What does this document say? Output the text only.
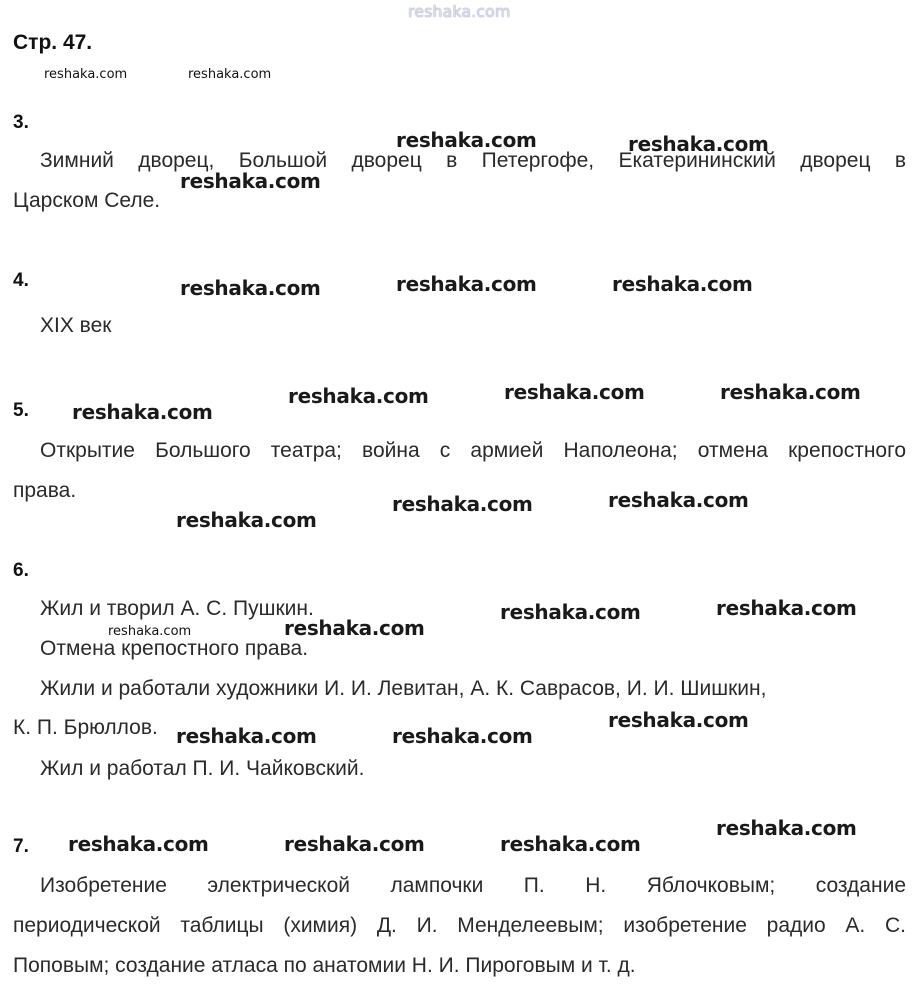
reshaka.com
Стр. 47.
reshaka.com	reshaka.com
3.
Зимний дворец, Большой дворец в Петергофе, Екатерининский дворец в
Царском Селе.
4.
XIX век
5.
Открытие Большого театра; война с армией Наполеона; отмена крепостного
права.
6.
Жил и творил А. С. Пушкин.
Отмена крепостного права.
Жили и работали художники И. И. Левитан, А. К. Саврасов, И. И. Шишкин,
К. П. Брюллов.
Жил и работал П. И. Чайковский.
7.
Изобретение электрической лампочки П. Н. Яблочковым; создание
периодической таблицы (химия) Д. И. Менделеевым; изобретение радио А. С.
Поповым; создание атласа по анатомии Н. И. Пироговым и т. д.
reshaka.com	reshaka.com
reshaka.com
reshaka.com	reshaka.com	reshaka.com
reshaka.com	reshaka.com	reshaka.com
reshaka.com
reshaka.com	reshaka.com
reshaka.com
reshaka.com	reshaka.com
reshaka.com
reshaka.com
reshaka.com
reshaka.com	reshaka.com
reshaka.com
reshaka.com	reshaka.com	reshaka.com
